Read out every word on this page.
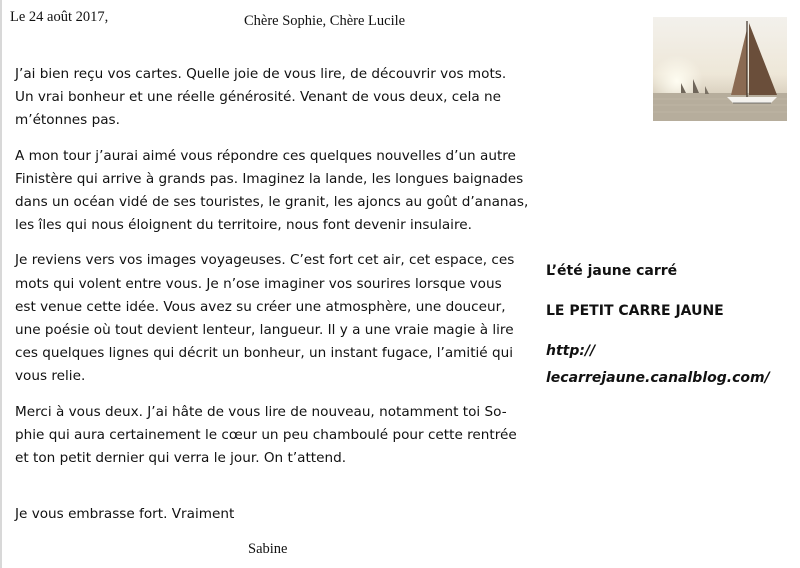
Le 24 août 2017,	Chère Sophie, Chère Lucile

J’ai bien reçu vos cartes. Quelle joie de vous lire, de découvrir vos mots.
Un vrai bonheur et une réelle générosité. Venant de vous deux, cela ne
m’étonnes pas.

A mon tour j’aurai aimé vous répondre ces quelques nouvelles d’un autre
Finistère qui arrive à grands pas. Imaginez la lande, les longues baignades
dans un océan vidé de ses touristes, le granit, les ajoncs au goût d’ananas,
les îles qui nous éloignent du territoire, nous font devenir insulaire.

Je reviens vers vos images voyageuses. C’est fort cet air, cet espace, ces
mots qui volent entre vous. Je n’ose imaginer vos sourires lorsque vous
est venue cette idée. Vous avez su créer une atmosphère, une douceur,
une poésie où tout devient lenteur, langueur. Il y a une vraie magie à lire
ces quelques lignes qui décrit un bonheur, un instant fugace, l’amitié qui
vous relie.

Merci à vous deux. J’ai hâte de vous lire de nouveau, notamment toi So-
phie qui aura certainement le cœur un peu chamboulé pour cette rentrée
et ton petit dernier qui verra le jour. On t’attend.

Je vous embrasse fort. Vraiment
Sabine
L’été jaune carré
LE PETIT CARRE JAUNE
http://
lecarrejaune.canalblog.com/
